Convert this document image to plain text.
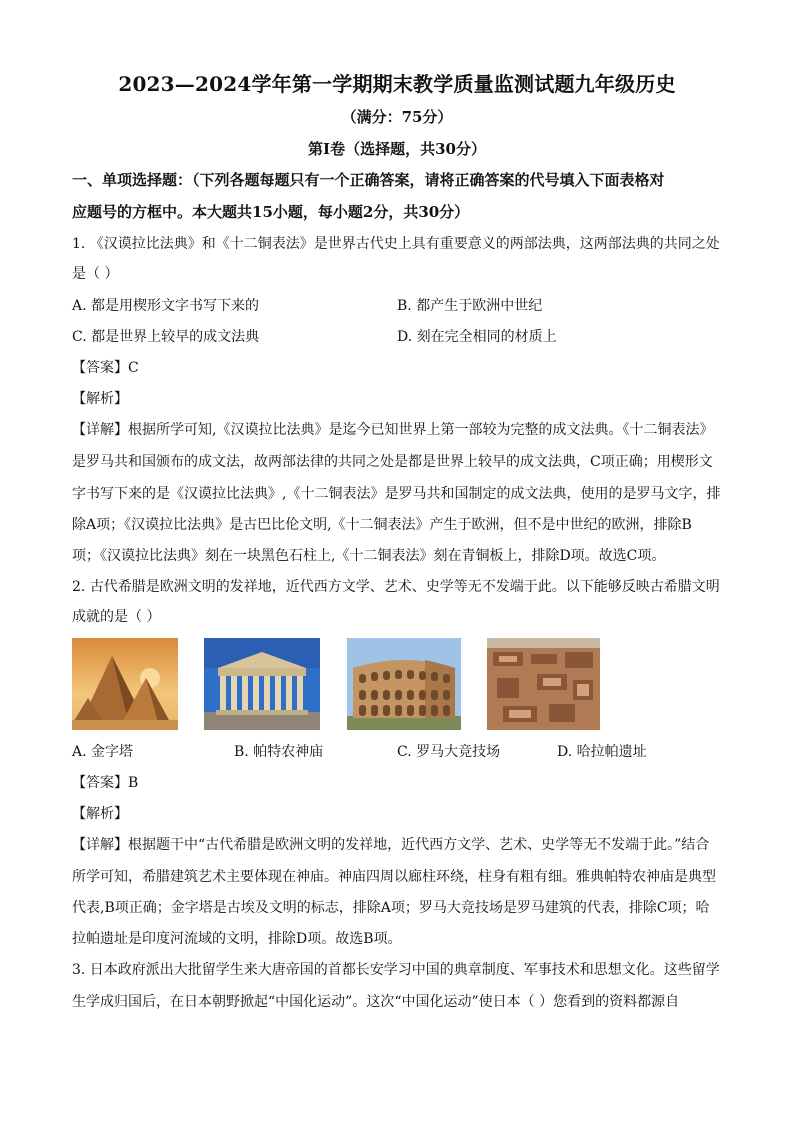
2023—2024学年第一学期期末教学质量监测试题九年级历史
（满分：75分）
第Ⅰ卷（选择题，共30分）
一、单项选择题：（下列各题每题只有一个正确答案，请将正确答案的代号填入下面表格对
应题号的方框中。本大题共15小题，每小题2分，共30分）
1. 《汉谟拉比法典》和《十二铜表法》是世界古代史上具有重要意义的两部法典，这两部法典的共同之处
是（ ）
A. 都是用楔形文字书写下来的	B. 都产生于欧洲中世纪
C. 都是世界上较早的成文法典	D. 刻在完全相同的材质上
【答案】C
【解析】
【详解】根据所学可知,《汉谟拉比法典》是迄今已知世界上第一部较为完整的成文法典。《十二铜表法》
是罗马共和国颁布的成文法，故两部法律的共同之处是都是世界上较早的成文法典，C项正确；用楔形文
字书写下来的是《汉谟拉比法典》,《十二铜表法》是罗马共和国制定的成文法典，使用的是罗马文字，排
除A项；《汉谟拉比法典》是古巴比伦文明,《十二铜表法》产生于欧洲，但不是中世纪的欧洲，排除B
项；《汉谟拉比法典》刻在一块黑色石柱上,《十二铜表法》刻在青铜板上，排除D项。故选C项。
2. 古代希腊是欧洲文明的发祥地，近代西方文学、艺术、史学等无不发端于此。以下能够反映古希腊文明
成就的是（ ）
A. 金字塔	B. 帕特农神庙	C. 罗马大竞技场	D. 哈拉帕遗址
【答案】B
【解析】
【详解】根据题干中“古代希腊是欧洲文明的发祥地，近代西方文学、艺术、史学等无不发端于此。”结合
所学可知，希腊建筑艺术主要体现在神庙。神庙四周以廊柱环绕，柱身有粗有细。雅典帕特农神庙是典型
代表,B项正确；金字塔是古埃及文明的标志，排除A项；罗马大竞技场是罗马建筑的代表，排除C项；哈
拉帕遗址是印度河流域的文明，排除D项。故选B项。
3. 日本政府派出大批留学生来大唐帝国的首都长安学习中国的典章制度、军事技术和思想文化。这些留学
生学成归国后，在日本朝野掀起“中国化运动”。这次“中国化运动”使日本（ ）您看到的资料都源自
